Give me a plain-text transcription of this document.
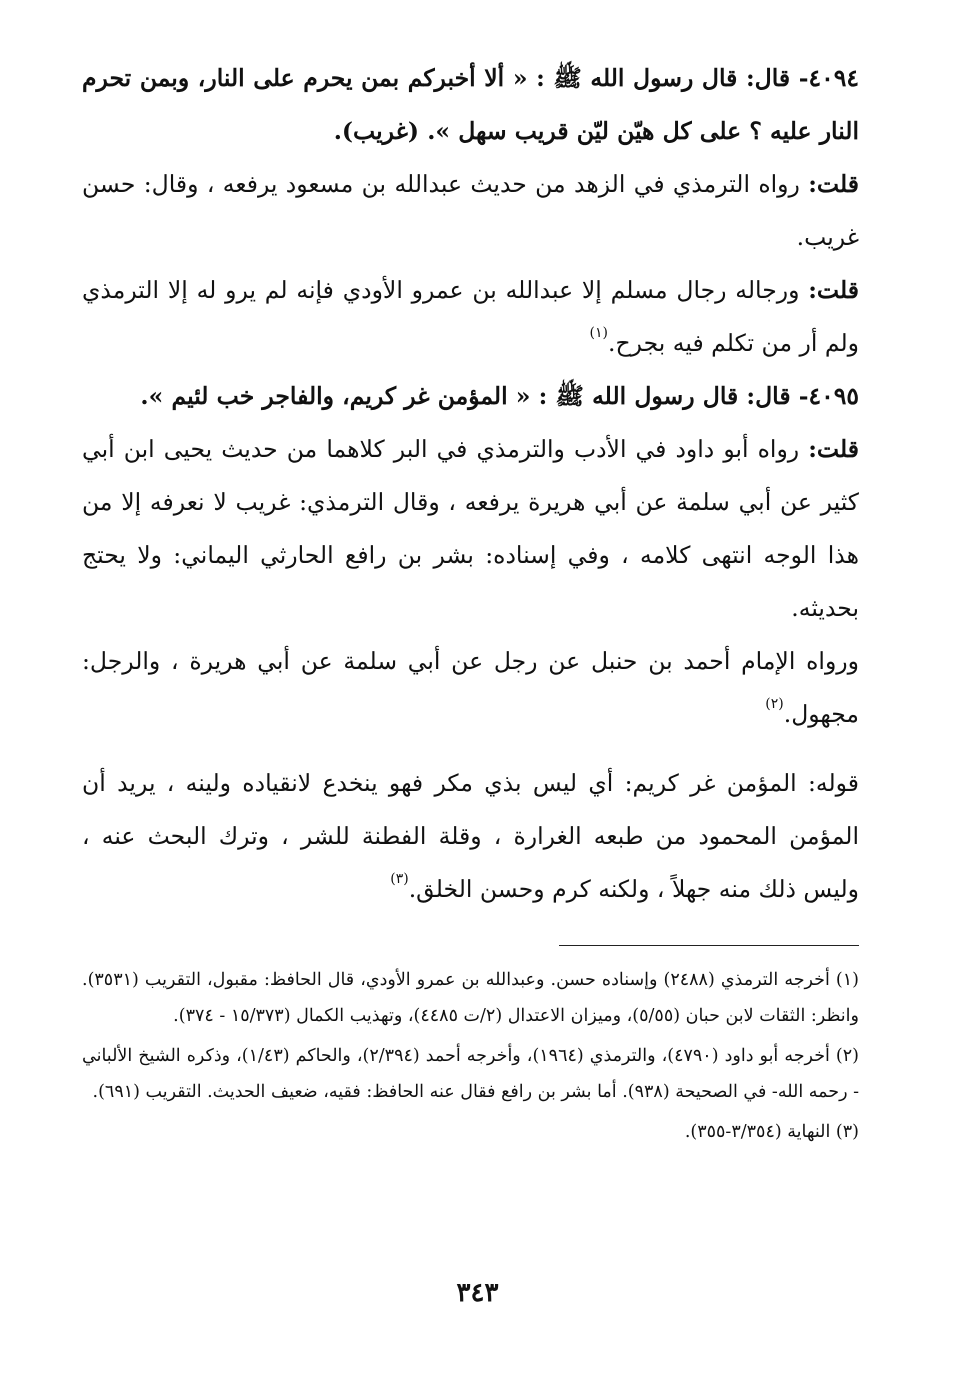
٤٠٩٤- قال: قال رسول الله ﷺ : « ألا أخبركم بمن يحرم على النار، وبمن تحرم النار عليه ؟ على كل هيّن ليّن قريب سهل ». (غريب).

قلت: رواه الترمذي في الزهد من حديث عبدالله بن مسعود يرفعه ، وقال: حسن غريب.

قلت: ورجاله رجال مسلم إلا عبدالله بن عمرو الأودي فإنه لم يرو له إلا الترمذي ولم أر من تكلم فيه بجرح.$^{(١)}$

٤٠٩٥- قال: قال رسول الله ﷺ : « المؤمن غر كريم، والفاجر خب لئيم ».

قلت: رواه أبو داود في الأدب والترمذي في البر كلاهما من حديث يحيى ابن أبي كثير عن أبي سلمة عن أبي هريرة يرفعه ، وقال الترمذي: غريب لا نعرفه إلا من هذا الوجه انتهى كلامه ، وفي إسناده: بشر بن رافع الحارثي اليماني: ولا يحتج بحديثه.

ورواه الإمام أحمد بن حنبل عن رجل عن أبي سلمة عن أبي هريرة ، والرجل: مجهول.$^{(٢)}$

قوله: المؤمن غر كريم: أي ليس بذي مكر فهو ينخدع لانقياده ولينه ، يريد أن المؤمن المحمود من طبعه الغرارة ، وقلة الفطنة للشر ، وترك البحث عنه ، وليس ذلك منه جهلاً ، ولكنه كرم وحسن الخلق.$^{(٣)}$

(١) أخرجه الترمذي (٢٤٨٨) وإسناده حسن. وعبدالله بن عمرو الأودي، قال الحافظ: مقبول، التقريب (٣٥٣١). وانظر: الثقات لابن حبان (٥/٥٥)، وميزان الاعتدال (٢/ت ٤٤٨٥)، وتهذيب الكمال (١٥/٣٧٣ - ٣٧٤).

(٢) أخرجه أبو داود (٤٧٩٠)، والترمذي (١٩٦٤)، وأخرجه أحمد (٢/٣٩٤)، والحاكم (١/٤٣)، وذكره الشيخ الألباني - رحمه الله- في الصحيحة (٩٣٨). أما بشر بن رافع فقال عنه الحافظ: فقيه، ضعيف الحديث. التقريب (٦٩١).

(٣) النهاية (٣/٣٥٤-٣٥٥).

٣٤٣
